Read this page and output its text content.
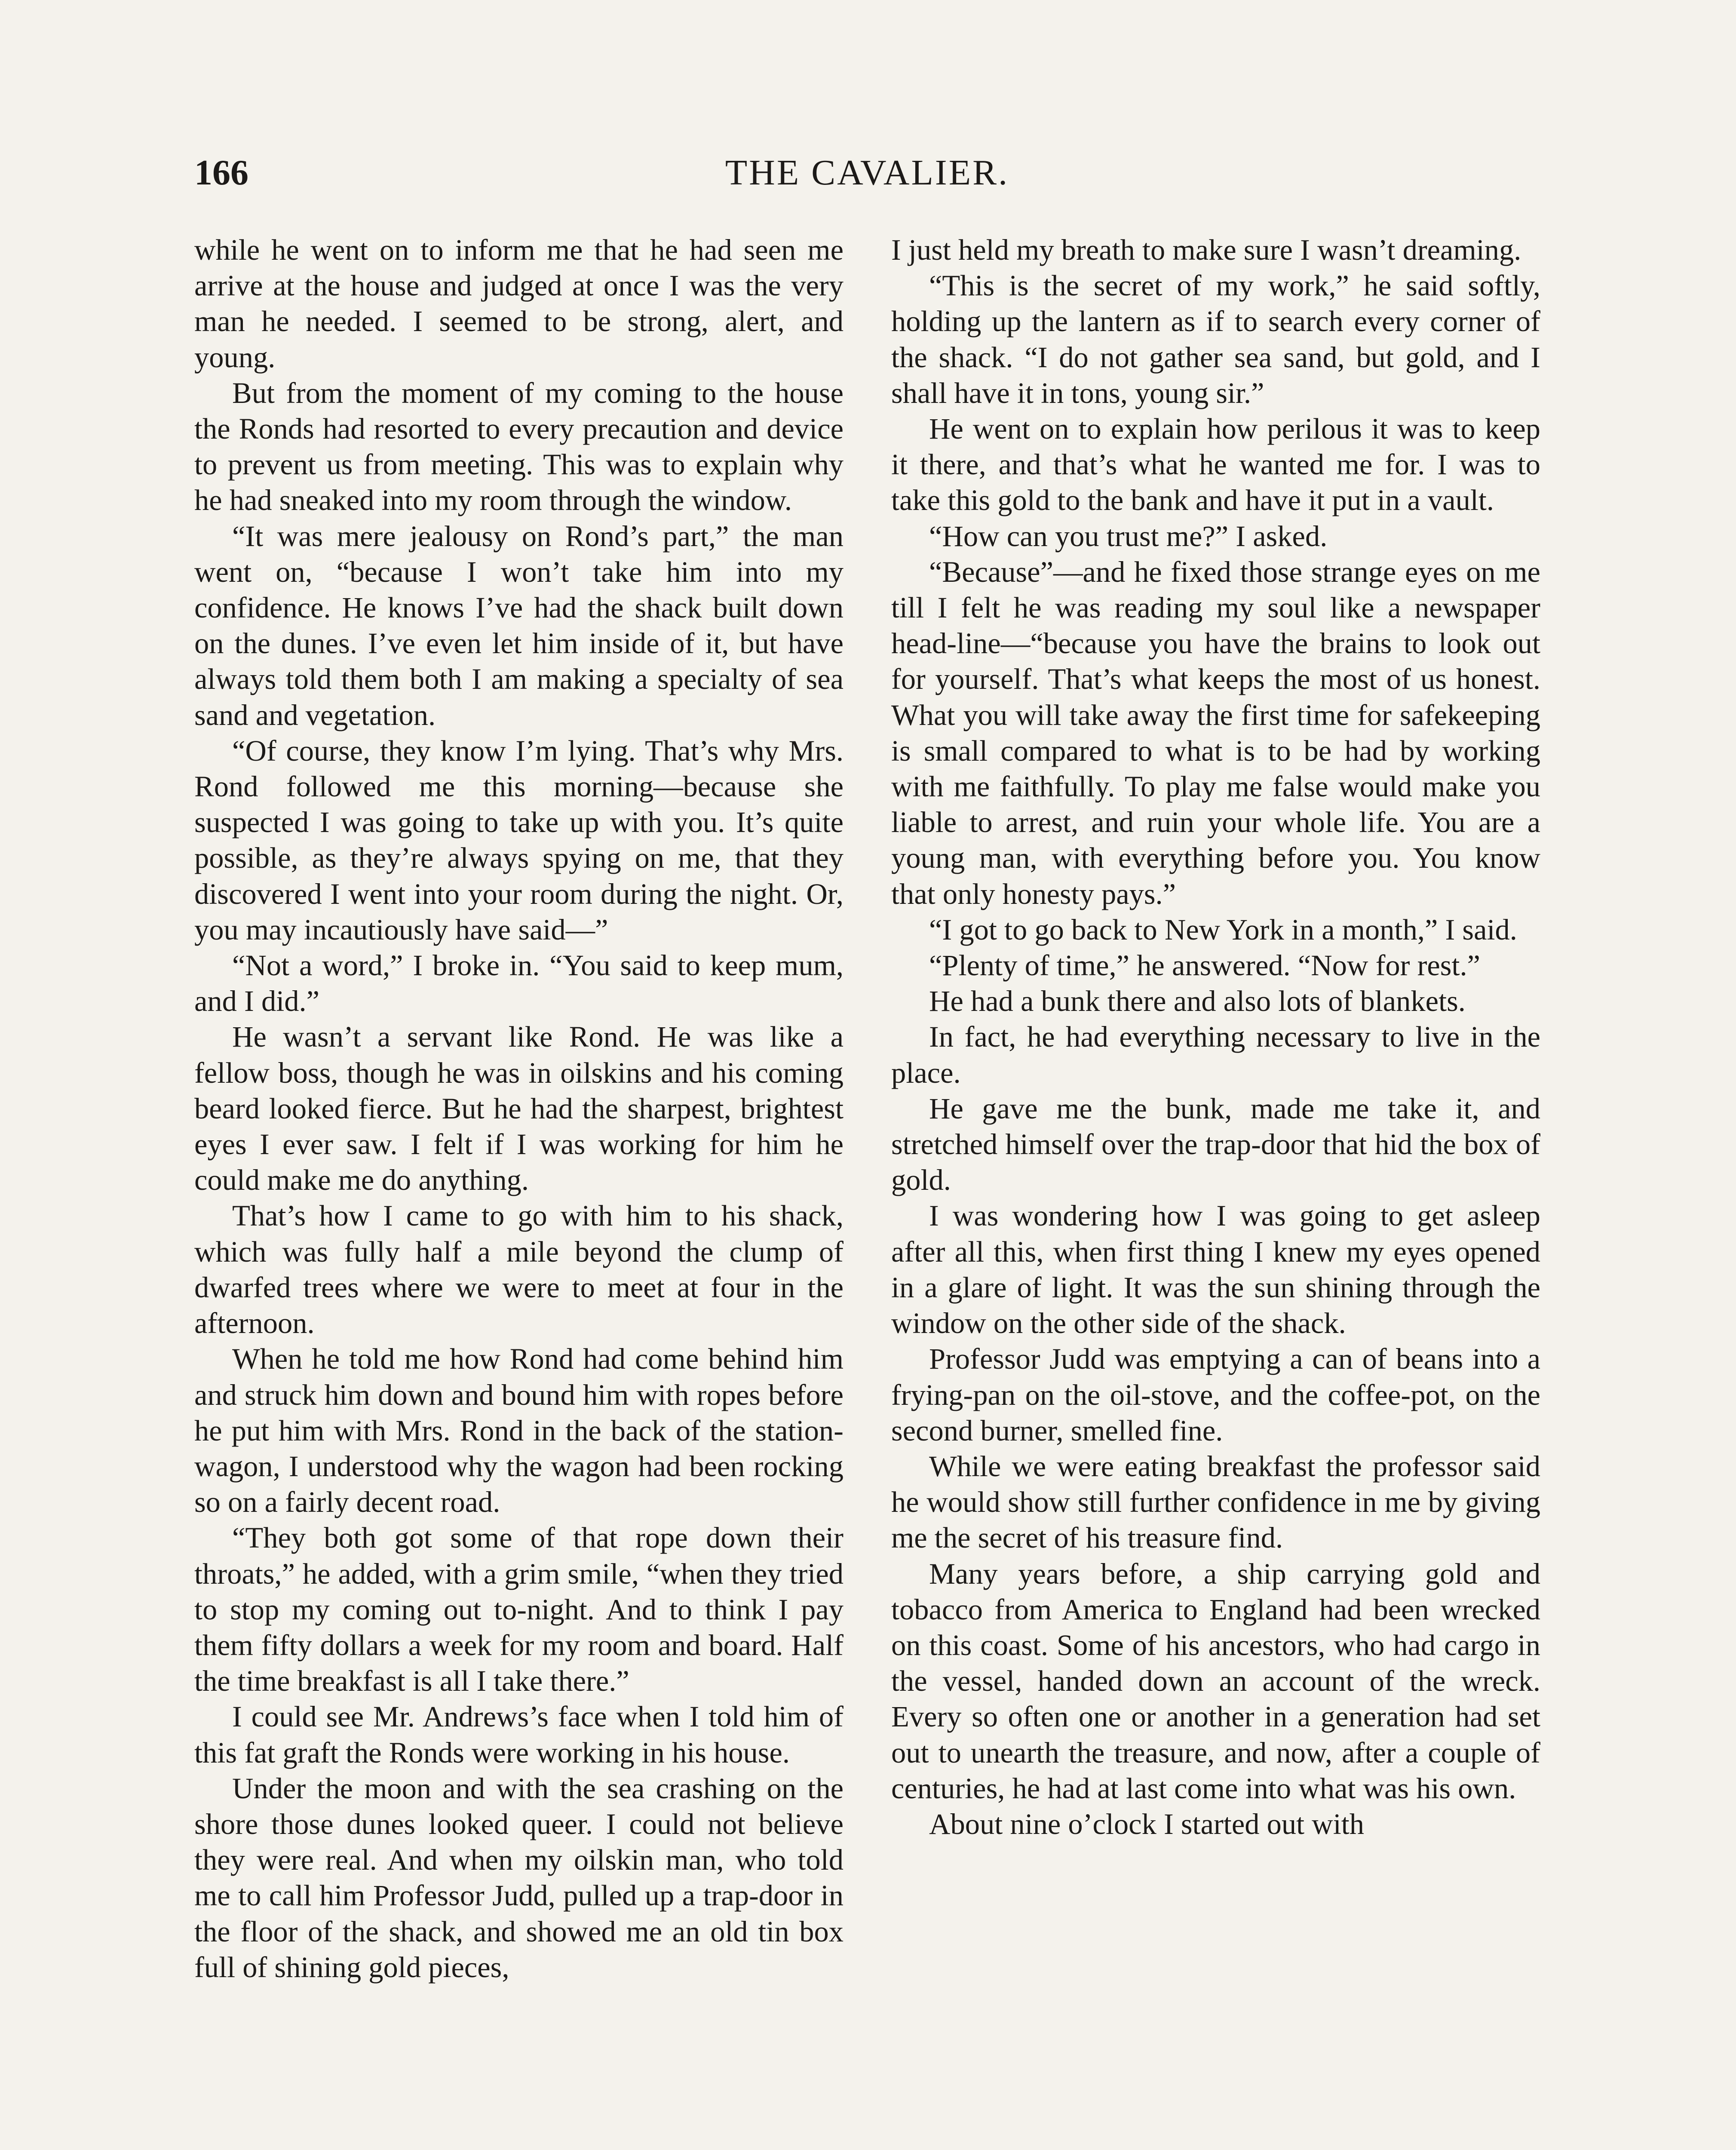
166	THE CAVALIER.

while he went on to inform me that he had seen me arrive at the house and judged at once I was the very man he needed. I seemed to be strong, alert, and young.

But from the moment of my coming to the house the Ronds had resorted to every precaution and device to prevent us from meeting. This was to explain why he had sneaked into my room through the window.

“It was mere jealousy on Rond’s part,” the man went on, “because I won’t take him into my confidence. He knows I’ve had the shack built down on the dunes. I’ve even let him inside of it, but have always told them both I am making a specialty of sea sand and vegetation.

“Of course, they know I’m lying. That’s why Mrs. Rond followed me this morning—because she suspected I was going to take up with you. It’s quite possible, as they’re always spying on me, that they discovered I went into your room during the night. Or, you may incautiously have said—”

“Not a word,” I broke in. “You said to keep mum, and I did.”

He wasn’t a servant like Rond. He was like a fellow boss, though he was in oilskins and his coming beard looked fierce. But he had the sharpest, brightest eyes I ever saw. I felt if I was working for him he could make me do anything.

That’s how I came to go with him to his shack, which was fully half a mile beyond the clump of dwarfed trees where we were to meet at four in the afternoon.

When he told me how Rond had come behind him and struck him down and bound him with ropes before he put him with Mrs. Rond in the back of the station-wagon, I understood why the wagon had been rocking so on a fairly decent road.

“They both got some of that rope down their throats,” he added, with a grim smile, “when they tried to stop my coming out to-night. And to think I pay them fifty dollars a week for my room and board. Half the time breakfast is all I take there.”

I could see Mr. Andrews’s face when I told him of this fat graft the Ronds were working in his house.

Under the moon and with the sea crashing on the shore those dunes looked queer. I could not believe they were real. And when my oilskin man, who told me to call him Professor Judd, pulled up a trap-door in the floor of the shack, and showed me an old tin box full of shining gold pieces,

I just held my breath to make sure I wasn’t dreaming.

“This is the secret of my work,” he said softly, holding up the lantern as if to search every corner of the shack. “I do not gather sea sand, but gold, and I shall have it in tons, young sir.”

He went on to explain how perilous it was to keep it there, and that’s what he wanted me for. I was to take this gold to the bank and have it put in a vault.

“How can you trust me?” I asked.

“Because”—and he fixed those strange eyes on me till I felt he was reading my soul like a newspaper head-line—“because you have the brains to look out for yourself. That’s what keeps the most of us honest. What you will take away the first time for safekeeping is small compared to what is to be had by working with me faithfully. To play me false would make you liable to arrest, and ruin your whole life. You are a young man, with everything before you. You know that only honesty pays.”

“I got to go back to New York in a month,” I said.

“Plenty of time,” he answered. “Now for rest.”

He had a bunk there and also lots of blankets.

In fact, he had everything necessary to live in the place.

He gave me the bunk, made me take it, and stretched himself over the trap-door that hid the box of gold.

I was wondering how I was going to get asleep after all this, when first thing I knew my eyes opened in a glare of light. It was the sun shining through the window on the other side of the shack.

Professor Judd was emptying a can of beans into a frying-pan on the oil-stove, and the coffee-pot, on the second burner, smelled fine.

While we were eating breakfast the professor said he would show still further confidence in me by giving me the secret of his treasure find.

Many years before, a ship carrying gold and tobacco from America to England had been wrecked on this coast. Some of his ancestors, who had cargo in the vessel, handed down an account of the wreck. Every so often one or another in a generation had set out to unearth the treasure, and now, after a couple of centuries, he had at last come into what was his own.

About nine o’clock I started out with
